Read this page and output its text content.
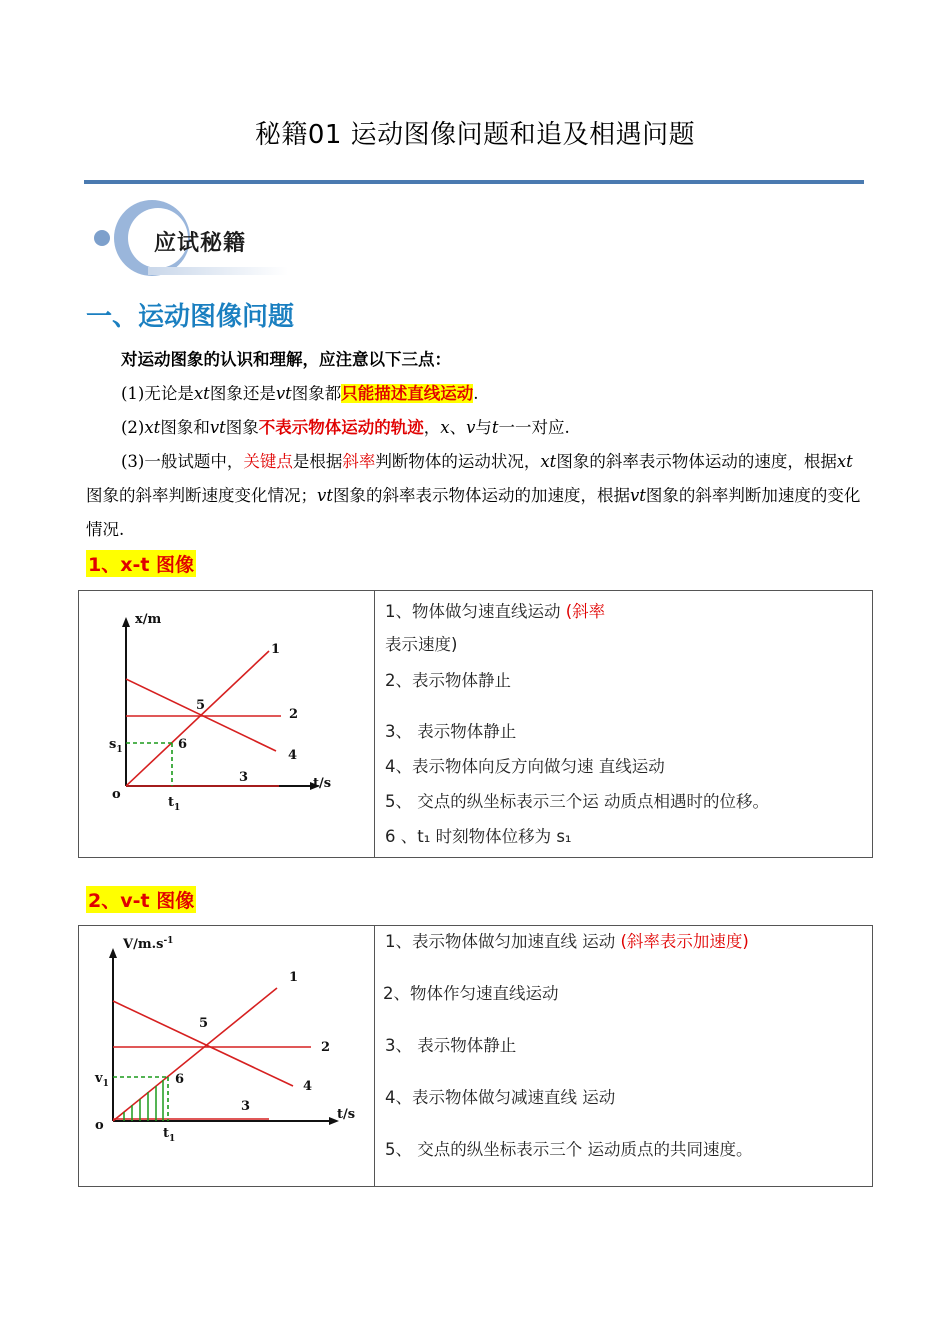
秘籍01 运动图像问题和追及相遇问题
应试秘籍
一、运动图像问题
对运动图象的认识和理解，应注意以下三点：
(1)无论是xt图象还是vt图象都只能描述直线运动.
(2)xt图象和vt图象不表示物体运动的轨迹，x、v与t一一对应.
(3)一般试题中，关键点是根据斜率判断物体的运动状况，xt图象的斜率表示物体运动的速度，根据xt图象的斜率判断速度变化情况；vt图象的斜率表示物体运动的加速度，根据vt图象的斜率判断加速度的变化情况.
1、x-t 图像
x/m
t/s
o
$s_1$
$t_1$
1
2
3
4
5
6

1、物体做匀速直线运动 (斜率
表示速度)
2、表示物体静止
3、 表示物体静止
4、表示物体向反方向做匀速 直线运动
5、 交点的纵坐标表示三个运 动质点相遇时的位移。
6 、t₁ 时刻物体位移为 s₁
2、v-t 图像
$V/m.s^{-1}$
t/s
o
$v_1$
$t_1$
1
2
3
4
5
6

1、表示物体做匀加速直线 运动 (斜率表示加速度)
2、物体作匀速直线运动
3、 表示物体静止
4、表示物体做匀减速直线 运动
5、 交点的纵坐标表示三个 运动质点的共同速度。
